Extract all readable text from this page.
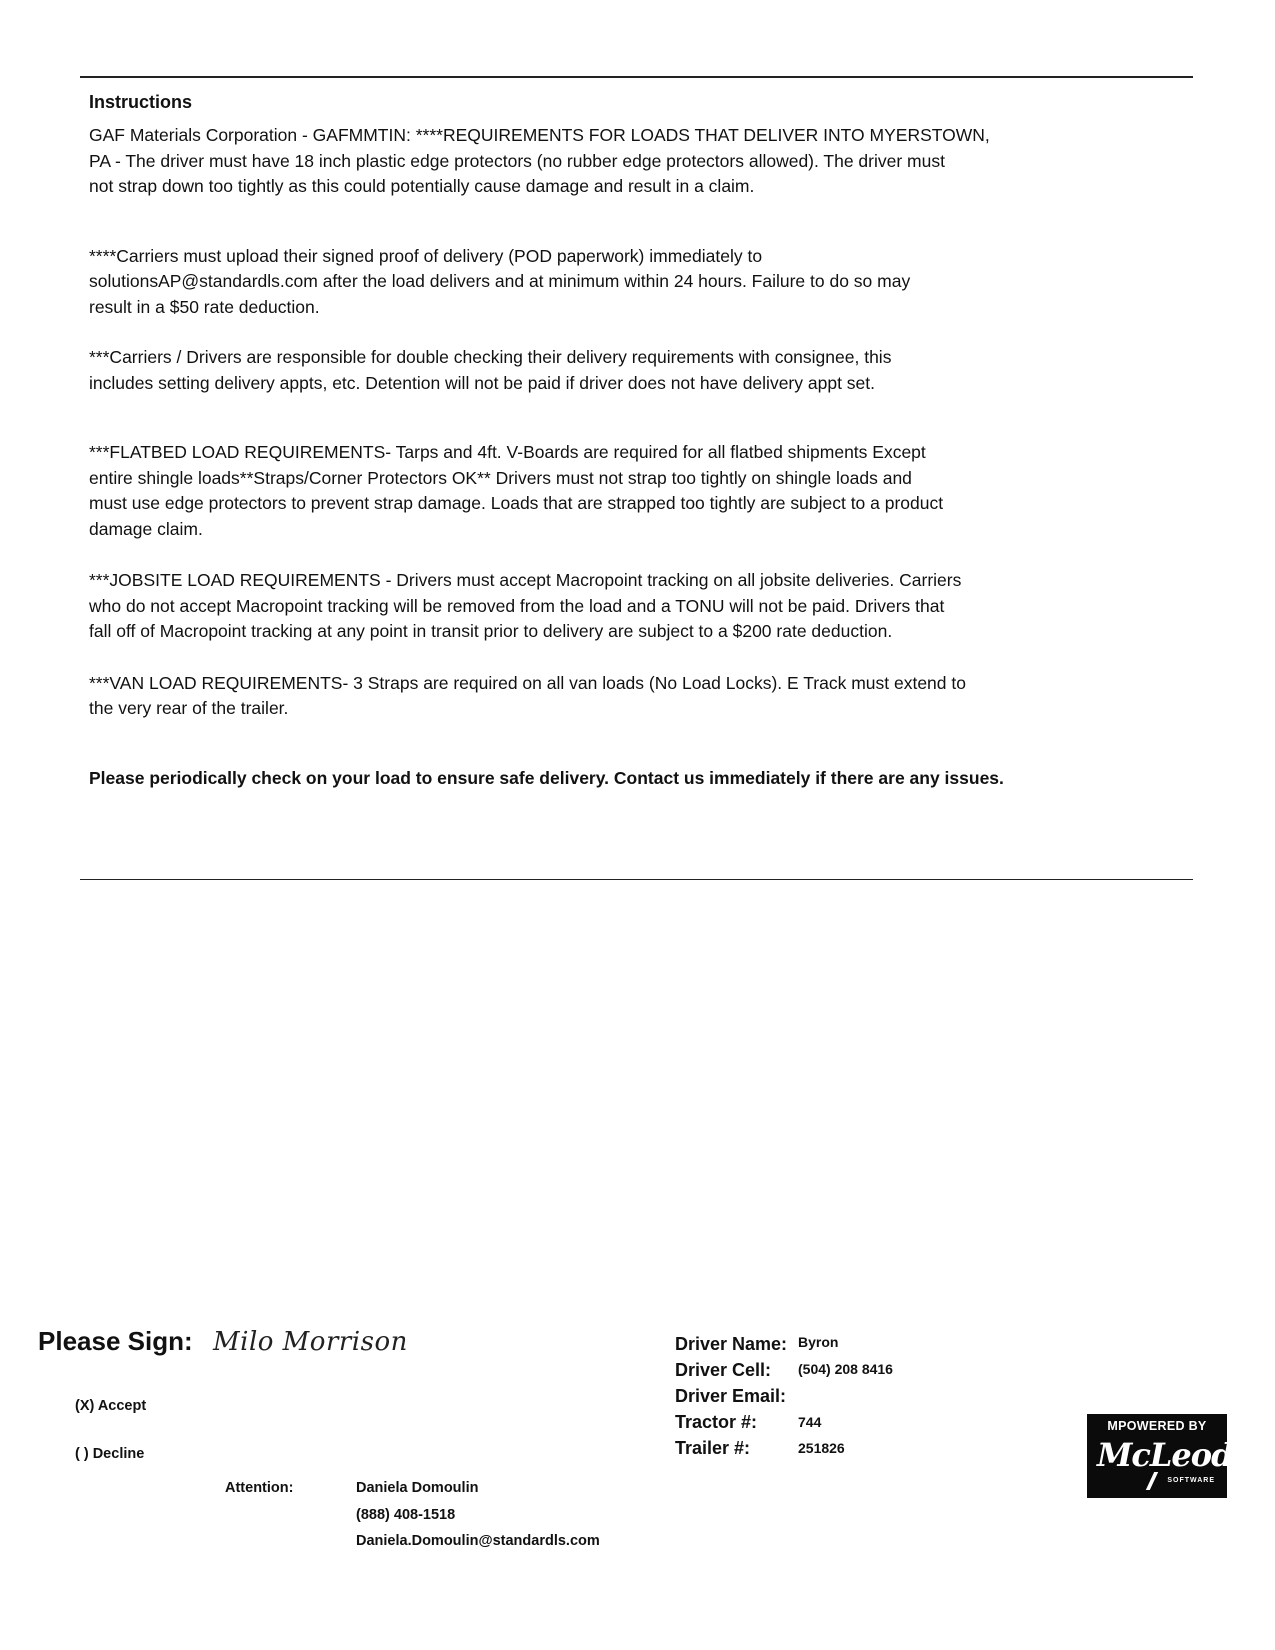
Instructions

GAF Materials Corporation - GAFMMTIN: ****REQUIREMENTS FOR LOADS THAT DELIVER INTO MYERSTOWN,
PA - The driver must have 18 inch plastic edge protectors (no rubber edge protectors allowed). The driver must
not strap down too tightly as this could potentially cause damage and result in a claim.

****Carriers must upload their signed proof of delivery (POD paperwork) immediately to
solutionsAP@standardls.com after the load delivers and at minimum within 24 hours. Failure to do so may
result in a $50 rate deduction.

***Carriers / Drivers are responsible for double checking their delivery requirements with consignee, this
includes setting delivery appts, etc. Detention will not be paid if driver does not have delivery appt set.

***FLATBED LOAD REQUIREMENTS- Tarps and 4ft. V-Boards are required for all flatbed shipments Except
entire shingle loads**Straps/Corner Protectors OK** Drivers must not strap too tightly on shingle loads and
must use edge protectors to prevent strap damage. Loads that are strapped too tightly are subject to a product
damage claim.

***JOBSITE LOAD REQUIREMENTS - Drivers must accept Macropoint tracking on all jobsite deliveries. Carriers
who do not accept Macropoint tracking will be removed from the load and a TONU will not be paid. Drivers that
fall off of Macropoint tracking at any point in transit prior to delivery are subject to a $200 rate deduction.

***VAN LOAD REQUIREMENTS- 3 Straps are required on all van loads (No Load Locks). E Track must extend to
the very rear of the trailer.

Please periodically check on your load to ensure safe delivery. Contact us immediately if there are any issues.

Please Sign: Milo Morrison
(X) Accept
( ) Decline
Attention:	Daniela Domoulin
(888) 408-1518
Daniela.Domoulin@standardls.com
Driver Name: Byron
Driver Cell: (504) 208 8416
Driver Email:
Tractor #:	744
Trailer #:	251826
MPOWERED BY
McLeod
SOFTWARE
